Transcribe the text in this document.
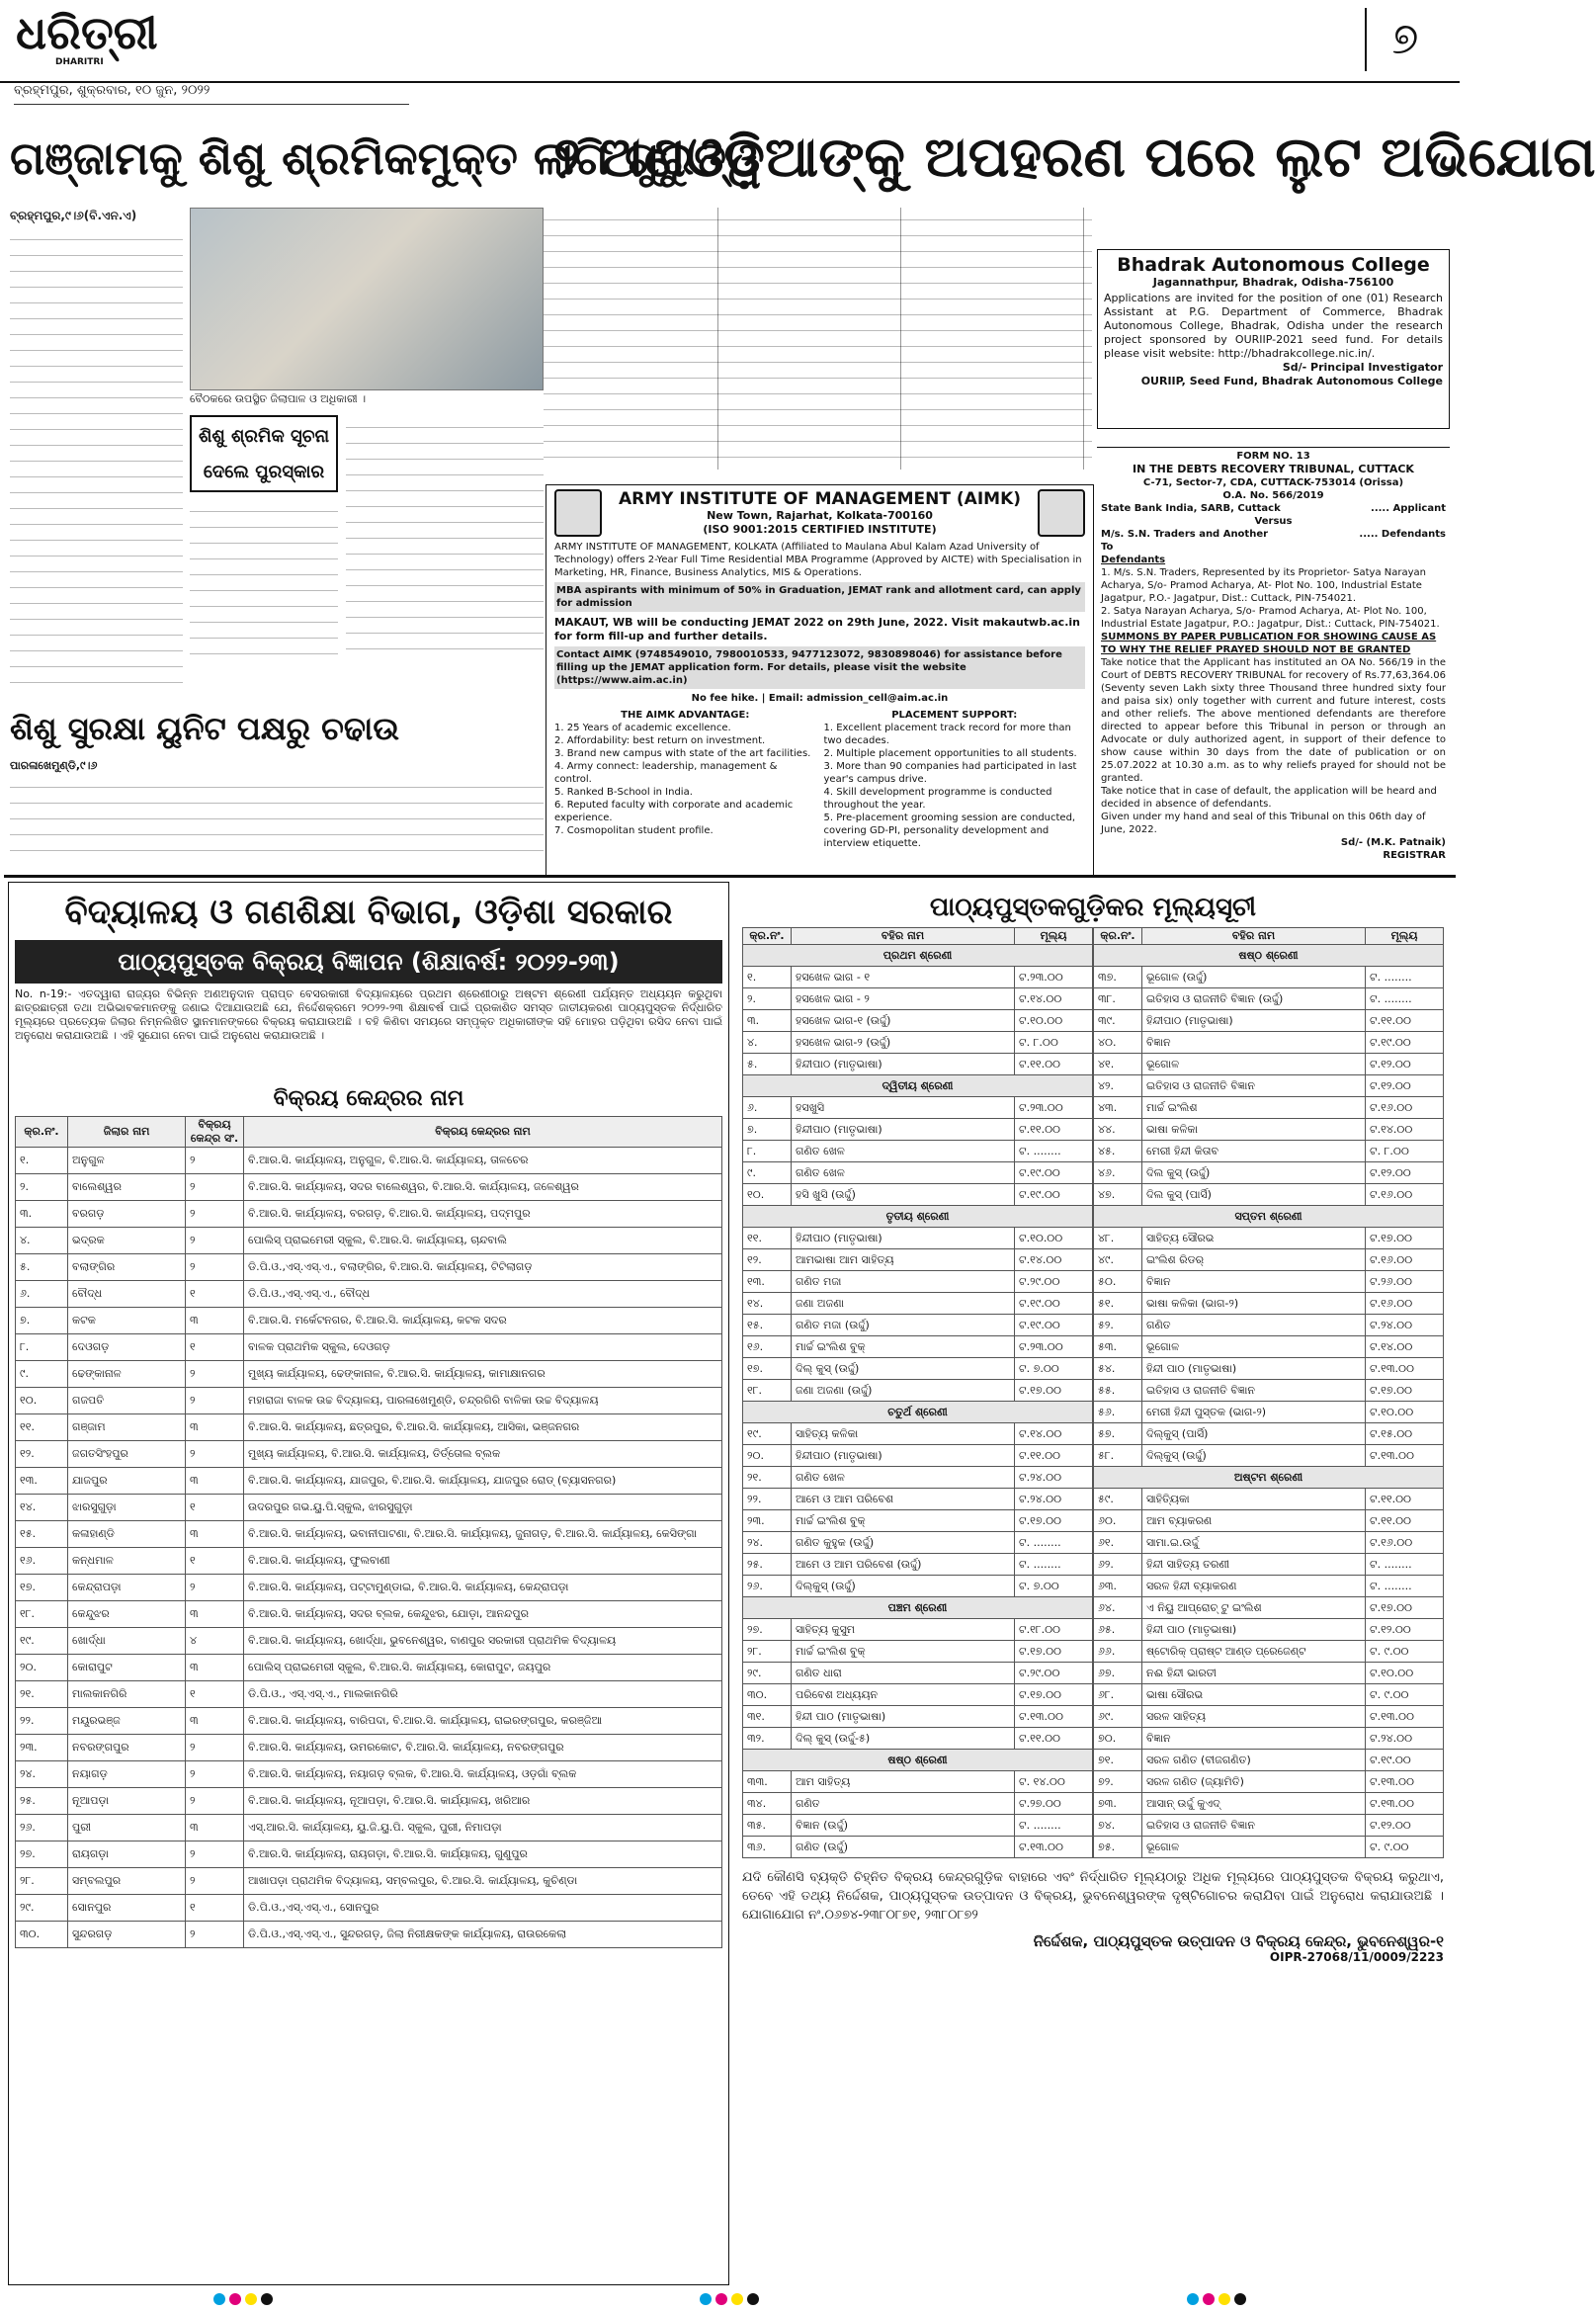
ଧରିତ୍ରୀ
DHARITRI	୭
ବ୍ରହ୍ମପୁର, ଶୁକ୍ରବାର, ୧୦ ଜୁନ, ୨୦୨୨
ଗଞ୍ଜାମକୁ ଶିଶୁ ଶ୍ରମିକମୁକ୍ତ ଲାଗି ଗୁରୁତ୍ୱ
୨ ଅଣଓଡ଼ିଆଙ୍କୁ ଅପହରଣ ପରେ ଲୁଟ ଅଭିଯୋଗ
ବ୍ରହ୍ମପୁର,୯।୬(ବି.ଏନ.ଏ)
ବୈଠକରେ ଉପସ୍ଥିତ ଜିଲାପାଳ ଓ ଅଧିକାରୀ ।
ଶିଶୁ ଶ୍ରମିକ ସୂଚନା ଦେଲେ ପୁରସ୍କାର
ଶିଶୁ ସୁରକ୍ଷା ୟୁନିଟ ପକ୍ଷରୁ ଚଢାଉ
ପାରଳାଖେମୁଣ୍ଡି,୯।୬
ARMY INSTITUTE OF MANAGEMENT (AIMK)
New Town, Rajarhat, Kolkata-700160
(ISO 9001:2015 CERTIFIED INSTITUTE)
ARMY INSTITUTE OF MANAGEMENT, KOLKATA (Affiliated to Maulana Abul Kalam Azad University of Technology) offers 2-Year Full Time Residential MBA Programme (Approved by AICTE) with Specialisation in Marketing, HR, Finance, Business Analytics, MIS & Operations.
MBA aspirants with minimum of 50% in Graduation, JEMAT rank and allotment card, can apply for admission
MAKAUT, WB will be conducting JEMAT 2022 on 29th June, 2022. Visit makautwb.ac.in for form fill-up and further details.
Contact AIMK (9748549010, 7980010533, 9477123072, 9830898046) for assistance before filling up the JEMAT application form. For details, please visit the website (https://www.aim.ac.in)
No fee hike. | Email: admission_cell@aim.ac.in
THE AIMK ADVANTAGE:
1. 25 Years of academic excellence.
2. Affordability: best return on investment.
3. Brand new campus with state of the art facilities.
4. Army connect: leadership, management & control.
5. Ranked B-School in India.
6. Reputed faculty with corporate and academic experience.
7. Cosmopolitan student profile.
PLACEMENT SUPPORT:
1. Excellent placement track record for more than two decades.
2. Multiple placement opportunities to all students.
3. More than 90 companies had participated in last year's campus drive.
4. Skill development programme is conducted throughout the year.
5. Pre-placement grooming session are conducted, covering GD-PI, personality development and interview etiquette.
Bhadrak Autonomous College
Jagannathpur, Bhadrak, Odisha-756100
Applications are invited for the position of one (01) Research Assistant at P.G. Department of Commerce, Bhadrak Autonomous College, Bhadrak, Odisha under the research project sponsored by OURIIP-2021 seed fund. For details please visit website: http://bhadrakcollege.nic.in/.
Sd/- Principal Investigator
OURIIP, Seed Fund, Bhadrak Autonomous College
FORM NO. 13
IN THE DEBTS RECOVERY TRIBUNAL, CUTTACK
C-71, Sector-7, CDA, CUTTACK-753014 (Orissa)
O.A. No. 566/2019
State Bank India, SARB, Cuttack	..... Applicant
Versus
M/s. S.N. Traders and Another	..... Defendants
To
Defendants
1. M/s. S.N. Traders, Represented by its Proprietor- Satya Narayan Acharya, S/o- Pramod Acharya, At- Plot No. 100, Industrial Estate Jagatpur, P.O.- Jagatpur, Dist.: Cuttack, PIN-754021.
2. Satya Narayan Acharya, S/o- Pramod Acharya, At- Plot No. 100, Industrial Estate Jagatpur, P.O.: Jagatpur, Dist.: Cuttack, PIN-754021.
SUMMONS BY PAPER PUBLICATION FOR SHOWING CAUSE AS TO WHY THE RELIEF PRAYED SHOULD NOT BE GRANTED
Take notice that the Applicant has instituted an OA No. 566/19 in the Court of DEBTS RECOVERY TRIBUNAL for recovery of Rs.77,63,364.06 (Seventy seven Lakh sixty three Thousand three hundred sixty four and paisa six) only together with current and future interest, costs and other reliefs. The above mentioned defendants are therefore directed to appear before this Tribunal in person or through an Advocate or duly authorized agent, in support of their defence to show cause within 30 days from the date of publication or on 25.07.2022 at 10.30 a.m. as to why reliefs prayed for should not be granted.
Take notice that in case of default, the application will be heard and decided in absence of defendants.
Given under my hand and seal of this Tribunal on this 06th day of June, 2022.
Sd/- (M.K. Patnaik)
REGISTRAR
ବିଦ୍ୟାଳୟ ଓ ଗଣଶିକ୍ଷା ବିଭାଗ, ଓଡ଼ିଶା ସରକାର
ପାଠ୍ୟପୁସ୍ତକ ବିକ୍ରୟ ବିଜ୍ଞାପନ (ଶିକ୍ଷାବର୍ଷ: ୨୦୨୨-୨୩)
No. n-19:- ଏତଦ୍ୱାରା ରାଜ୍ୟର ବିଭିନ୍ନ ଅଣଅନୁଦାନ ପ୍ରାପ୍ତ ବେସରକାରୀ ବିଦ୍ୟାଳୟରେ ପ୍ରଥମ ଶ୍ରେଣୀଠାରୁ ଅଷ୍ଟମ ଶ୍ରେଣୀ ପର୍ଯ୍ୟନ୍ତ ଅଧ୍ୟୟନ କରୁଥିବା ଛାତ୍ରଛାତ୍ରୀ ତଥା ଅଭିଭାବକମାନଙ୍କୁ ଜଣାଇ ଦିଆଯାଉଅଛି ଯେ, ନିର୍ଦ୍ଦେଶକ୍ରମେ ୨୦୨୨-୨୩ ଶିକ୍ଷାବର୍ଷ ପାଇଁ ପ୍ରକାଶିତ ସମସ୍ତ ଜାତୀୟକରଣ ପାଠ୍ୟପୁସ୍ତକ ନିର୍ଦ୍ଧାରିତ ମୂଲ୍ୟରେ ପ୍ରତ୍ୟେକ ଜିଲାର ନିମ୍ନଲିଖିତ ସ୍ଥାନମାନଙ୍କରେ ବିକ୍ରୟ କରାଯାଉଅଛି । ବହି କିଣିବା ସମୟରେ ସମ୍ପୃକ୍ତ ଅଧିକାରୀଙ୍କ ସହି ମୋହର ପଡ଼ିଥିବା ରସିଦ ନେବା ପାଇଁ ଅନୁରୋଧ କରାଯାଉଅଛି । ଏହି ସୁଯୋଗ ନେବା ପାଇଁ ଅନୁରୋଧ କରାଯାଉଅଛି ।
ବିକ୍ରୟ କେନ୍ଦ୍ରର ନାମ
କ୍ର.ନଂ.	ଜିଲାର ନାମ	ବିକ୍ରୟ କେନ୍ଦ୍ର ସଂ.	ବିକ୍ରୟ କେନ୍ଦ୍ରର ନାମ
୧.	ଅନୁଗୁଳ	୨	ବି.ଆର.ସି. କାର୍ଯ୍ୟାଳୟ, ଅନୁଗୁଳ, ବି.ଆର.ସି. କାର୍ଯ୍ୟାଳୟ, ତାଳଚେର
୨.	ବାଲେଶ୍ୱର	୨	ବି.ଆର.ସି. କାର୍ଯ୍ୟାଳୟ, ସଦର ବାଲେଶ୍ୱର, ବି.ଆର.ସି. କାର୍ଯ୍ୟାଳୟ, ଜଳେଶ୍ୱର
୩.	ବରଗଡ଼	୨	ବି.ଆର.ସି. କାର୍ଯ୍ୟାଳୟ, ବରଗଡ଼, ବି.ଆର.ସି. କାର୍ଯ୍ୟାଳୟ, ପଦ୍ମପୁର
୪.	ଭଦ୍ରକ	୨	ପୋଲିସ୍ ପ୍ରାଇମେରୀ ସ୍କୁଲ, ବି.ଆର.ସି. କାର୍ଯ୍ୟାଳୟ, ଚାନ୍ଦବାଲି
୫.	ବଲାଙ୍ଗିର	୨	ଡି.ପି.ଓ.,ଏସ୍.ଏସ୍.ଏ., ବଲାଙ୍ଗିର, ବି.ଆର.ସି. କାର୍ଯ୍ୟାଳୟ, ଟିଟିଲାଗଡ଼
୬.	ବୌଦ୍ଧ	୧	ଡି.ପି.ଓ.,ଏସ୍.ଏସ୍.ଏ., ବୌଦ୍ଧ
୭.	କଟକ	୩	ବି.ଆର.ସି. ମର୍କେଟନଗର, ବି.ଆର.ସି. କାର୍ଯ୍ୟାଳୟ, କଟକ ସଦର
୮.	ଦେଓଗଡ଼	୧	ବାଳକ ପ୍ରାଥମିକ ସ୍କୁଲ, ଦେଓଗଡ଼
୯.	ଢେଙ୍କାନାଳ	୨	ମୁଖ୍ୟ କାର୍ଯ୍ୟାଳୟ, ଢେଙ୍କାନାଳ, ବି.ଆର.ସି. କାର୍ଯ୍ୟାଳୟ, କାମାକ୍ଷାନଗର
୧୦.	ଗଜପତି	୨	ମହାରାଜା ବାଳକ ଉଚ୍ଚ ବିଦ୍ୟାଳୟ, ପାରଳାଖେମୁଣ୍ଡି, ଚନ୍ଦ୍ରଗିରି ବାଳିକା ଉଚ୍ଚ ବିଦ୍ୟାଳୟ
୧୧.	ଗଞ୍ଜାମ	୩	ବି.ଆର.ସି. କାର୍ଯ୍ୟାଳୟ, ଛତ୍ରପୁର, ବି.ଆର.ସି. କାର୍ଯ୍ୟାଳୟ, ଆସିକା, ଭଞ୍ଜନଗର
୧୨.	ଜଗତସିଂହପୁର	୨	ମୁଖ୍ୟ କାର୍ଯ୍ୟାଳୟ, ବି.ଆର.ସି. କାର୍ଯ୍ୟାଳୟ, ତିର୍ତ୍ତୋଲ ବ୍ଲକ
୧୩.	ଯାଜପୁର	୩	ବି.ଆର.ସି. କାର୍ଯ୍ୟାଳୟ, ଯାଜପୁର, ବି.ଆର.ସି. କାର୍ଯ୍ୟାଳୟ, ଯାଜପୁର ରୋଡ୍ (ବ୍ୟାସନଗର)
୧୪.	ଝାରସୁଗୁଡ଼ା	୧	ଉଦରପୁର ଗଭ.ୟୁ.ପି.ସ୍କୁଲ, ଝାରସୁଗୁଡ଼ା
୧୫.	କଳାହାଣ୍ଡି	୩	ବି.ଆର.ସି. କାର୍ଯ୍ୟାଳୟ, ଭବାନୀପାଟଣା, ବି.ଆର.ସି. କାର୍ଯ୍ୟାଳୟ, ଜୁନାଗଡ଼, ବି.ଆର.ସି. କାର୍ଯ୍ୟାଳୟ, କେସିଙ୍ଗା
୧୬.	କନ୍ଧମାଳ	୧	ବି.ଆର.ସି. କାର୍ଯ୍ୟାଳୟ, ଫୁଲବାଣୀ
୧୭.	କେନ୍ଦ୍ରାପଡ଼ା	୨	ବି.ଆର.ସି. କାର୍ଯ୍ୟାଳୟ, ପଟ୍ଟାମୁଣ୍ଡାଇ, ବି.ଆର.ସି. କାର୍ଯ୍ୟାଳୟ, କେନ୍ଦ୍ରାପଡ଼ା
୧୮.	କେନ୍ଦୁଝର	୩	ବି.ଆର.ସି. କାର୍ଯ୍ୟାଳୟ, ସଦର ବ୍ଲକ, କେନ୍ଦୁଝର, ଯୋଡ଼ା, ଆନନ୍ଦପୁର
୧୯.	ଖୋର୍ଦ୍ଧା	୪	ବି.ଆର.ସି. କାର୍ଯ୍ୟାଳୟ, ଖୋର୍ଦ୍ଧା, ଭୁବନେଶ୍ୱର, ବାଣପୁର ସରକାରୀ ପ୍ରାଥମିକ ବିଦ୍ୟାଳୟ
୨୦.	କୋରାପୁଟ	୩	ପୋଲିସ୍ ପ୍ରାଇମେରୀ ସ୍କୁଲ, ବି.ଆର.ସି. କାର୍ଯ୍ୟାଳୟ, କୋରାପୁଟ, ଜୟପୁର
୨୧.	ମାଲକାନଗିରି	୧	ଡି.ପି.ଓ., ଏସ୍.ଏସ୍.ଏ., ମାଲକାନଗିରି
୨୨.	ମୟୂରଭଞ୍ଜ	୩	ବି.ଆର.ସି. କାର୍ଯ୍ୟାଳୟ, ବାରିପଦା, ବି.ଆର.ସି. କାର୍ଯ୍ୟାଳୟ, ରାଇରଙ୍ଗପୁର, କରଞ୍ଜିଆ
୨୩.	ନବରଙ୍ଗପୁର	୨	ବି.ଆର.ସି. କାର୍ଯ୍ୟାଳୟ, ଉମରକୋଟ, ବି.ଆର.ସି. କାର୍ଯ୍ୟାଳୟ, ନବରଙ୍ଗପୁର
୨୪.	ନୟାଗଡ଼	୨	ବି.ଆର.ସି. କାର୍ଯ୍ୟାଳୟ, ନୟାଗଡ଼ ବ୍ଲକ, ବି.ଆର.ସି. କାର୍ଯ୍ୟାଳୟ, ଓଡ଼ଗାଁ ବ୍ଲକ
୨୫.	ନୂଆପଡ଼ା	୨	ବି.ଆର.ସି. କାର୍ଯ୍ୟାଳୟ, ନୂଆପଡ଼ା, ବି.ଆର.ସି. କାର୍ଯ୍ୟାଳୟ, ଖରିଆର
୨୬.	ପୁରୀ	୩	ଏସ୍.ଆର.ସି. କାର୍ଯ୍ୟାଳୟ, ୟୁ.ଜି.ୟୁ.ପି. ସ୍କୁଲ, ପୁରୀ, ନିମାପଡ଼ା
୨୭.	ରାୟଗଡ଼ା	୨	ବି.ଆର.ସି. କାର୍ଯ୍ୟାଳୟ, ରାୟଗଡ଼ା, ବି.ଆର.ସି. କାର୍ଯ୍ୟାଳୟ, ଗୁଣୁପୁର
୨୮.	ସମ୍ବଲପୁର	୨	ଆଖାପଡ଼ା ପ୍ରାଥମିକ ବିଦ୍ୟାଳୟ, ସମ୍ବଲପୁର, ବି.ଆର.ସି. କାର୍ଯ୍ୟାଳୟ, କୁଚିଣ୍ଡା
୨୯.	ସୋନପୁର	୧	ଡି.ପି.ଓ.,ଏସ୍.ଏସ୍.ଏ., ସୋନପୁର
୩୦.	ସୁନ୍ଦରଗଡ଼	୨	ଡି.ପି.ଓ.,ଏସ୍.ଏସ୍.ଏ., ସୁନ୍ଦରଗଡ଼, ଜିଲା ନିରୀକ୍ଷକଙ୍କ କାର୍ଯ୍ୟାଳୟ, ରାଉରକେଲା
ପାଠ୍ୟପୁସ୍ତକଗୁଡ଼ିକର ମୂଲ୍ୟସୂଚୀ
କ୍ର.ନଂ.	ବହିର ନାମ	ମୂଲ୍ୟ
ପ୍ରଥମ ଶ୍ରେଣୀ		
୧.	ହସଖେଳ ଭାଗ - ୧	ଟ.୨୩.୦୦
୨.	ହସଖେଳ ଭାଗ - ୨	ଟ.୧୪.୦୦
୩.	ହସଖେଳ ଭାଗ-୧ (ଉର୍ଦ୍ଦୁ)	ଟ.୧୦.୦୦
୪.	ହସଖେଳ ଭାଗ-୨ (ଉର୍ଦ୍ଦୁ)	ଟ. ୮.୦୦
୫.	ହିନ୍ଦୀପାଠ (ମାତୃଭାଷା)	ଟ.୧୧.୦୦
ଦ୍ୱିତୀୟ ଶ୍ରେଣୀ		
୬.	ହସଖୁସି	ଟ.୨୩.୦୦
୭.	ହିନ୍ଦୀପାଠ (ମାତୃଭାଷା)	ଟ.୧୧.୦୦
୮.	ଗଣିତ ଖେଳ	ଟ. ........
୯.	ଗଣିତ ଖେଳ	ଟ.୧୯.୦୦
୧୦.	ହସି ଖୁସି (ଉର୍ଦ୍ଦୁ)	ଟ.୧୯.୦୦
ତୃତୀୟ ଶ୍ରେଣୀ		
୧୧.	ହିନ୍ଦୀପାଠ (ମାତୃଭାଷା)	ଟ.୧୦.୦୦
୧୨.	ଆମଭାଷା ଆମ ସାହିତ୍ୟ	ଟ.୧୪.୦୦
୧୩.	ଗଣିତ ମଜା	ଟ.୨୯.୦୦
୧୪.	ଜଣା ଅଜଣା	ଟ.୧୯.୦୦
୧୫.	ଗଣିତ ମଜା (ଉର୍ଦ୍ଦୁ)	ଟ.୧୯.୦୦
୧୬.	ମାର୍ଚ୍ଚ ଇଂଲିଶ ବୁକ୍	ଟ.୨୩.୦୦
୧୭.	ଦିଲ୍ କୁସ୍ (ଉର୍ଦ୍ଦୁ)	ଟ. ୭.୦୦
୧୮.	ଜଣା ଅଜଣା (ଉର୍ଦ୍ଦୁ)	ଟ.୧୭.୦୦
ଚତୁର୍ଥ ଶ୍ରେଣୀ		
୧୯.	ସାହିତ୍ୟ କଳିକା	ଟ.୧୪.୦୦
୨୦.	ହିନ୍ଦୀପାଠ (ମାତୃଭାଷା)	ଟ.୧୧.୦୦
୨୧.	ଗଣିତ ଖେଳ	ଟ.୨୪.୦୦
୨୨.	ଆମେ ଓ ଆମ ପରିବେଶ	ଟ.୨୪.୦୦
୨୩.	ମାର୍ଚ୍ଚ ଇଂଲିଶ ବୁକ୍	ଟ.୧୭.୦୦
୨୪.	ଗଣିତ କୁହୁକ (ଉର୍ଦ୍ଦୁ)	ଟ. ........
୨୫.	ଆମେ ଓ ଆମ ପରିବେଶ (ଉର୍ଦ୍ଦୁ)	ଟ. ........
୨୬.	ଦିଲ୍କୁସ୍ (ଉର୍ଦ୍ଦୁ)	ଟ. ୭.୦୦
ପଞ୍ଚମ ଶ୍ରେଣୀ		
୨୭.	ସାହିତ୍ୟ କୁସୁମ	ଟ.୧୮.୦୦
୨୮.	ମାର୍ଚ୍ଚ ଇଂଲିଶ ବୁକ୍	ଟ.୧୭.୦୦
୨୯.	ଗଣିତ ଧାରା	ଟ.୨୯.୦୦
୩୦.	ପରିବେଶ ଅଧ୍ୟୟନ	ଟ.୧୭.୦୦
୩୧.	ହିନ୍ଦୀ ପାଠ (ମାତୃଭାଷା)	ଟ.୧୩.୦୦
୩୨.	ଦିଲ୍ କୁସ୍ (ଉର୍ଦ୍ଦୁ-୫)	ଟ.୧୧.୦୦
ଷଷ୍ଠ ଶ୍ରେଣୀ		
୩୩.	ଆମ ସାହିତ୍ୟ	ଟ. ୧୪.୦୦
୩୪.	ଗଣିତ	ଟ.୨୭.୦୦
୩୫.	ବିଜ୍ଞାନ (ଉର୍ଦ୍ଦୁ)	ଟ. ........
୩୬.	ଗଣିତ (ଉର୍ଦ୍ଦୁ)	ଟ.୧୩.୦୦
କ୍ର.ନଂ.	ବହିର ନାମ	ମୂଲ୍ୟ
ଷଷ୍ଠ ଶ୍ରେଣୀ		
୩୭.	ଭୂଗୋଳ (ଉର୍ଦ୍ଦୁ)	ଟ. ........
୩୮.	ଇତିହାସ ଓ ରାଜନୀତି ବିଜ୍ଞାନ (ଉର୍ଦ୍ଦୁ)	ଟ. ........
୩୯.	ହିନ୍ଦୀପାଠ (ମାତୃଭାଷା)	ଟ.୧୧.୦୦
୪୦.	ବିଜ୍ଞାନ	ଟ.୧୯.୦୦
୪୧.	ଭୂଗୋଳ	ଟ.୧୨.୦୦
୪୨.	ଇତିହାସ ଓ ରାଜନୀତି ବିଜ୍ଞାନ	ଟ.୧୨.୦୦
୪୩.	ମାର୍ଚ୍ଚ ଇଂଲିଶ	ଟ.୧୬.୦୦
୪୪.	ଭାଷା କଳିକା	ଟ.୧୪.୦୦
୪୫.	ମେରୀ ହିନ୍ଦୀ କିତାବ	ଟ. ୮.୦୦
୪୬.	ଦିଲ କୁସ୍ (ଉର୍ଦ୍ଦୁ)	ଟ.୧୨.୦୦
୪୭.	ଦିଲ କୁସ୍ (ପାର୍ସି)	ଟ.୧୬.୦୦
ସପ୍ତମ ଶ୍ରେଣୀ		
୪୮.	ସାହିତ୍ୟ ସୌରଭ	ଟ.୧୭.୦୦
୪୯.	ଇଂଲିଶ ରିଡର୍	ଟ.୧୬.୦୦
୫୦.	ବିଜ୍ଞାନ	ଟ.୨୬.୦୦
୫୧.	ଭାଷା କଳିକା (ଭାଗ-୨)	ଟ.୧୬.୦୦
୫୨.	ଗଣିତ	ଟ.୨୪.୦୦
୫୩.	ଭୂଗୋଳ	ଟ.୧୪.୦୦
୫୪.	ହିନ୍ଦୀ ପାଠ (ମାତୃଭାଷା)	ଟ.୧୩.୦୦
୫୫.	ଇତିହାସ ଓ ରାଜନୀତି ବିଜ୍ଞାନ	ଟ.୧୭.୦୦
୫୬.	ମେରୀ ହିନ୍ଦୀ ପୁସ୍ତକ (ଭାଗ-୨)	ଟ.୧୦.୦୦
୫୭.	ଦିଲ୍କୁସ୍ (ପାର୍ସି)	ଟ.୧୫.୦୦
୫୮.	ଦିଲ୍କୁସ୍ (ଉର୍ଦ୍ଦୁ)	ଟ.୧୩.୦୦
ଅଷ୍ଟମ ଶ୍ରେଣୀ		
୫୯.	ସାହିତ୍ୟିକା	ଟ.୧୧.୦୦
୬୦.	ଆମ ବ୍ୟାକରଣ	ଟ.୧୧.୦୦
୬୧.	ସାମା.ଇ.ଉର୍ଦ୍ଦୁ	ଟ.୧୬.୦୦
୬୨.	ହିନ୍ଦୀ ସାହିତ୍ୟ ତରଣୀ	ଟ. ........
୬୩.	ସରଳ ହିନ୍ଦୀ ବ୍ୟାକରଣ	ଟ. ........
୬୪.	ଏ ନିୟୁ ଆପ୍ରୋଚ୍ ଟୁ ଇଂଲିଶ	ଟ.୧୭.୦୦
୬୫.	ହିନ୍ଦୀ ପାଠ (ମାତୃଭାଷା)	ଟ.୧୨.୦୦
୬୬.	ଷ୍ଟୋରିକ୍ ପ୍ରାଷ୍ଟ ଆଣ୍ଡ ପ୍ରେଜେଣ୍ଟ	ଟ. ୯.୦୦
୬୭.	ନଈ ହିନ୍ଦୀ ଭାରତୀ	ଟ.୧୦.୦୦
୬୮.	ଭାଷା ସୌରଭ	ଟ. ୯.୦୦
୬୯.	ସରଳ ସାହିତ୍ୟ	ଟ.୧୩.୦୦
୭୦.	ବିଜ୍ଞାନ	ଟ.୨୪.୦୦
୭୧.	ସରଳ ଗଣିତ (ବୀଜଗଣିତ)	ଟ.୧୯.୦୦
୭୨.	ସରଳ ଗଣିତ (ଜ୍ୟାମିତି)	ଟ.୧୩.୦୦
୭୩.	ଆସାନ୍ ଉର୍ଦ୍ଦୁ କୁଏଦ୍	ଟ.୧୩.୦୦
୭୪.	ଇତିହାସ ଓ ରାଜନୀତି ବିଜ୍ଞାନ	ଟ.୧୨.୦୦
୭୫.	ଭୂଗୋଳ	ଟ. ୯.୦୦
ଯଦି କୌଣସି ବ୍ୟକ୍ତି ଚିହ୍ନିତ ବିକ୍ରୟ କେନ୍ଦ୍ରଗୁଡ଼ିକ ବାହାରେ ଏବଂ ନିର୍ଦ୍ଧାରିତ ମୂଲ୍ୟଠାରୁ ଅଧିକ ମୂଲ୍ୟରେ ପାଠ୍ୟପୁସ୍ତକ ବିକ୍ରୟ କରୁଥାଏ, ତେବେ ଏହି ତଥ୍ୟ ନିର୍ଦ୍ଦେଶକ, ପାଠ୍ୟପୁସ୍ତକ ଉତ୍ପାଦନ ଓ ବିକ୍ରୟ, ଭୁବନେଶ୍ୱରଙ୍କ ଦୃଷ୍ଟିଗୋଚର କରାଯିବା ପାଇଁ ଅନୁରୋଧ କରାଯାଉଅଛି । ଯୋଗାଯୋଗ ନଂ.୦୬୭୪-୨୩୮୦୮୭୧, ୨୩୮୦୮୭୨
ନିର୍ଦ୍ଦେଶକ, ପାଠ୍ୟପୁସ୍ତକ ଉତ୍ପାଦନ ଓ ବିକ୍ରୟ କେନ୍ଦ୍ର, ଭୁବନେଶ୍ୱର-୧
OIPR-27068/11/0009/2223
